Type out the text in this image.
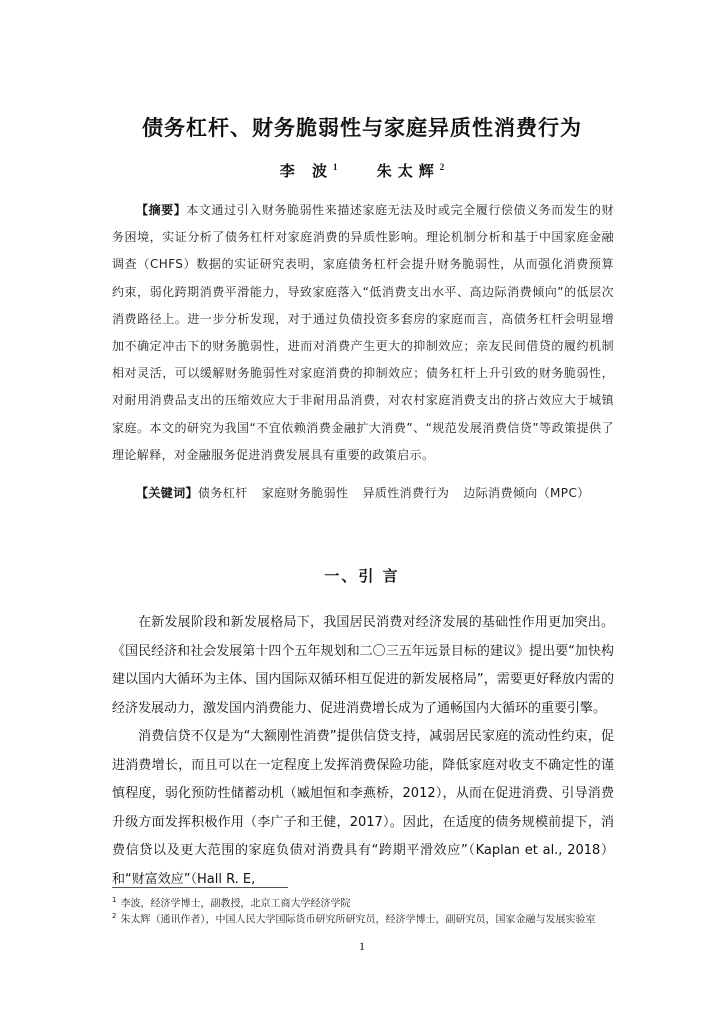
债务杠杆、财务脆弱性与家庭异质性消费行为
李 波$^1$	朱太辉$^2$

【摘要】本文通过引入财务脆弱性来描述家庭无法及时或完全履行偿债义务而发生的财务困境，实证分析了债务杠杆对家庭消费的异质性影响。理论机制分析和基于中国家庭金融调查（CHFS）数据的实证研究表明，家庭债务杠杆会提升财务脆弱性，从而强化消费预算约束，弱化跨期消费平滑能力，导致家庭落入“低消费支出水平、高边际消费倾向”的低层次消费路径上。进一步分析发现，对于通过负债投资多套房的家庭而言，高债务杠杆会明显增加不确定冲击下的财务脆弱性，进而对消费产生更大的抑制效应；亲友民间借贷的履约机制相对灵活，可以缓解财务脆弱性对家庭消费的抑制效应；债务杠杆上升引致的财务脆弱性，对耐用消费品支出的压缩效应大于非耐用品消费，对农村家庭消费支出的挤占效应大于城镇家庭。本文的研究为我国“不宜依赖消费金融扩大消费”、“规范发展消费信贷”等政策提供了理论解释，对金融服务促进消费发展具有重要的政策启示。

【关键词】债务杠杆 家庭财务脆弱性 异质性消费行为 边际消费倾向（MPC）
一、引 言

在新发展阶段和新发展格局下，我国居民消费对经济发展的基础性作用更加突出。《国民经济和社会发展第十四个五年规划和二〇三五年远景目标的建议》提出要“加快构建以国内大循环为主体、国内国际双循环相互促进的新发展格局”，需要更好释放内需的经济发展动力，激发国内消费能力、促进消费增长成为了通畅国内大循环的重要引擎。

消费信贷不仅是为“大额刚性消费”提供信贷支持，减弱居民家庭的流动性约束，促进消费增长，而且可以在一定程度上发挥消费保险功能，降低家庭对收支不确定性的谨慎程度，弱化预防性储蓄动机（臧旭恒和李燕桥，2012），从而在促进消费、引导消费升级方面发挥积极作用（李广子和王健，2017）。因此，在适度的债务规模前提下，消费信贷以及更大范围的家庭负债对消费具有“跨期平滑效应”（Kaplan et al., 2018）和“财富效应”（Hall R. E,

$^1$ 李波，经济学博士，副教授，北京工商大学经济学院

$^2$ 朱太辉（通讯作者），中国人民大学国际货币研究所研究员，经济学博士，副研究员，国家金融与发展实验室

1
